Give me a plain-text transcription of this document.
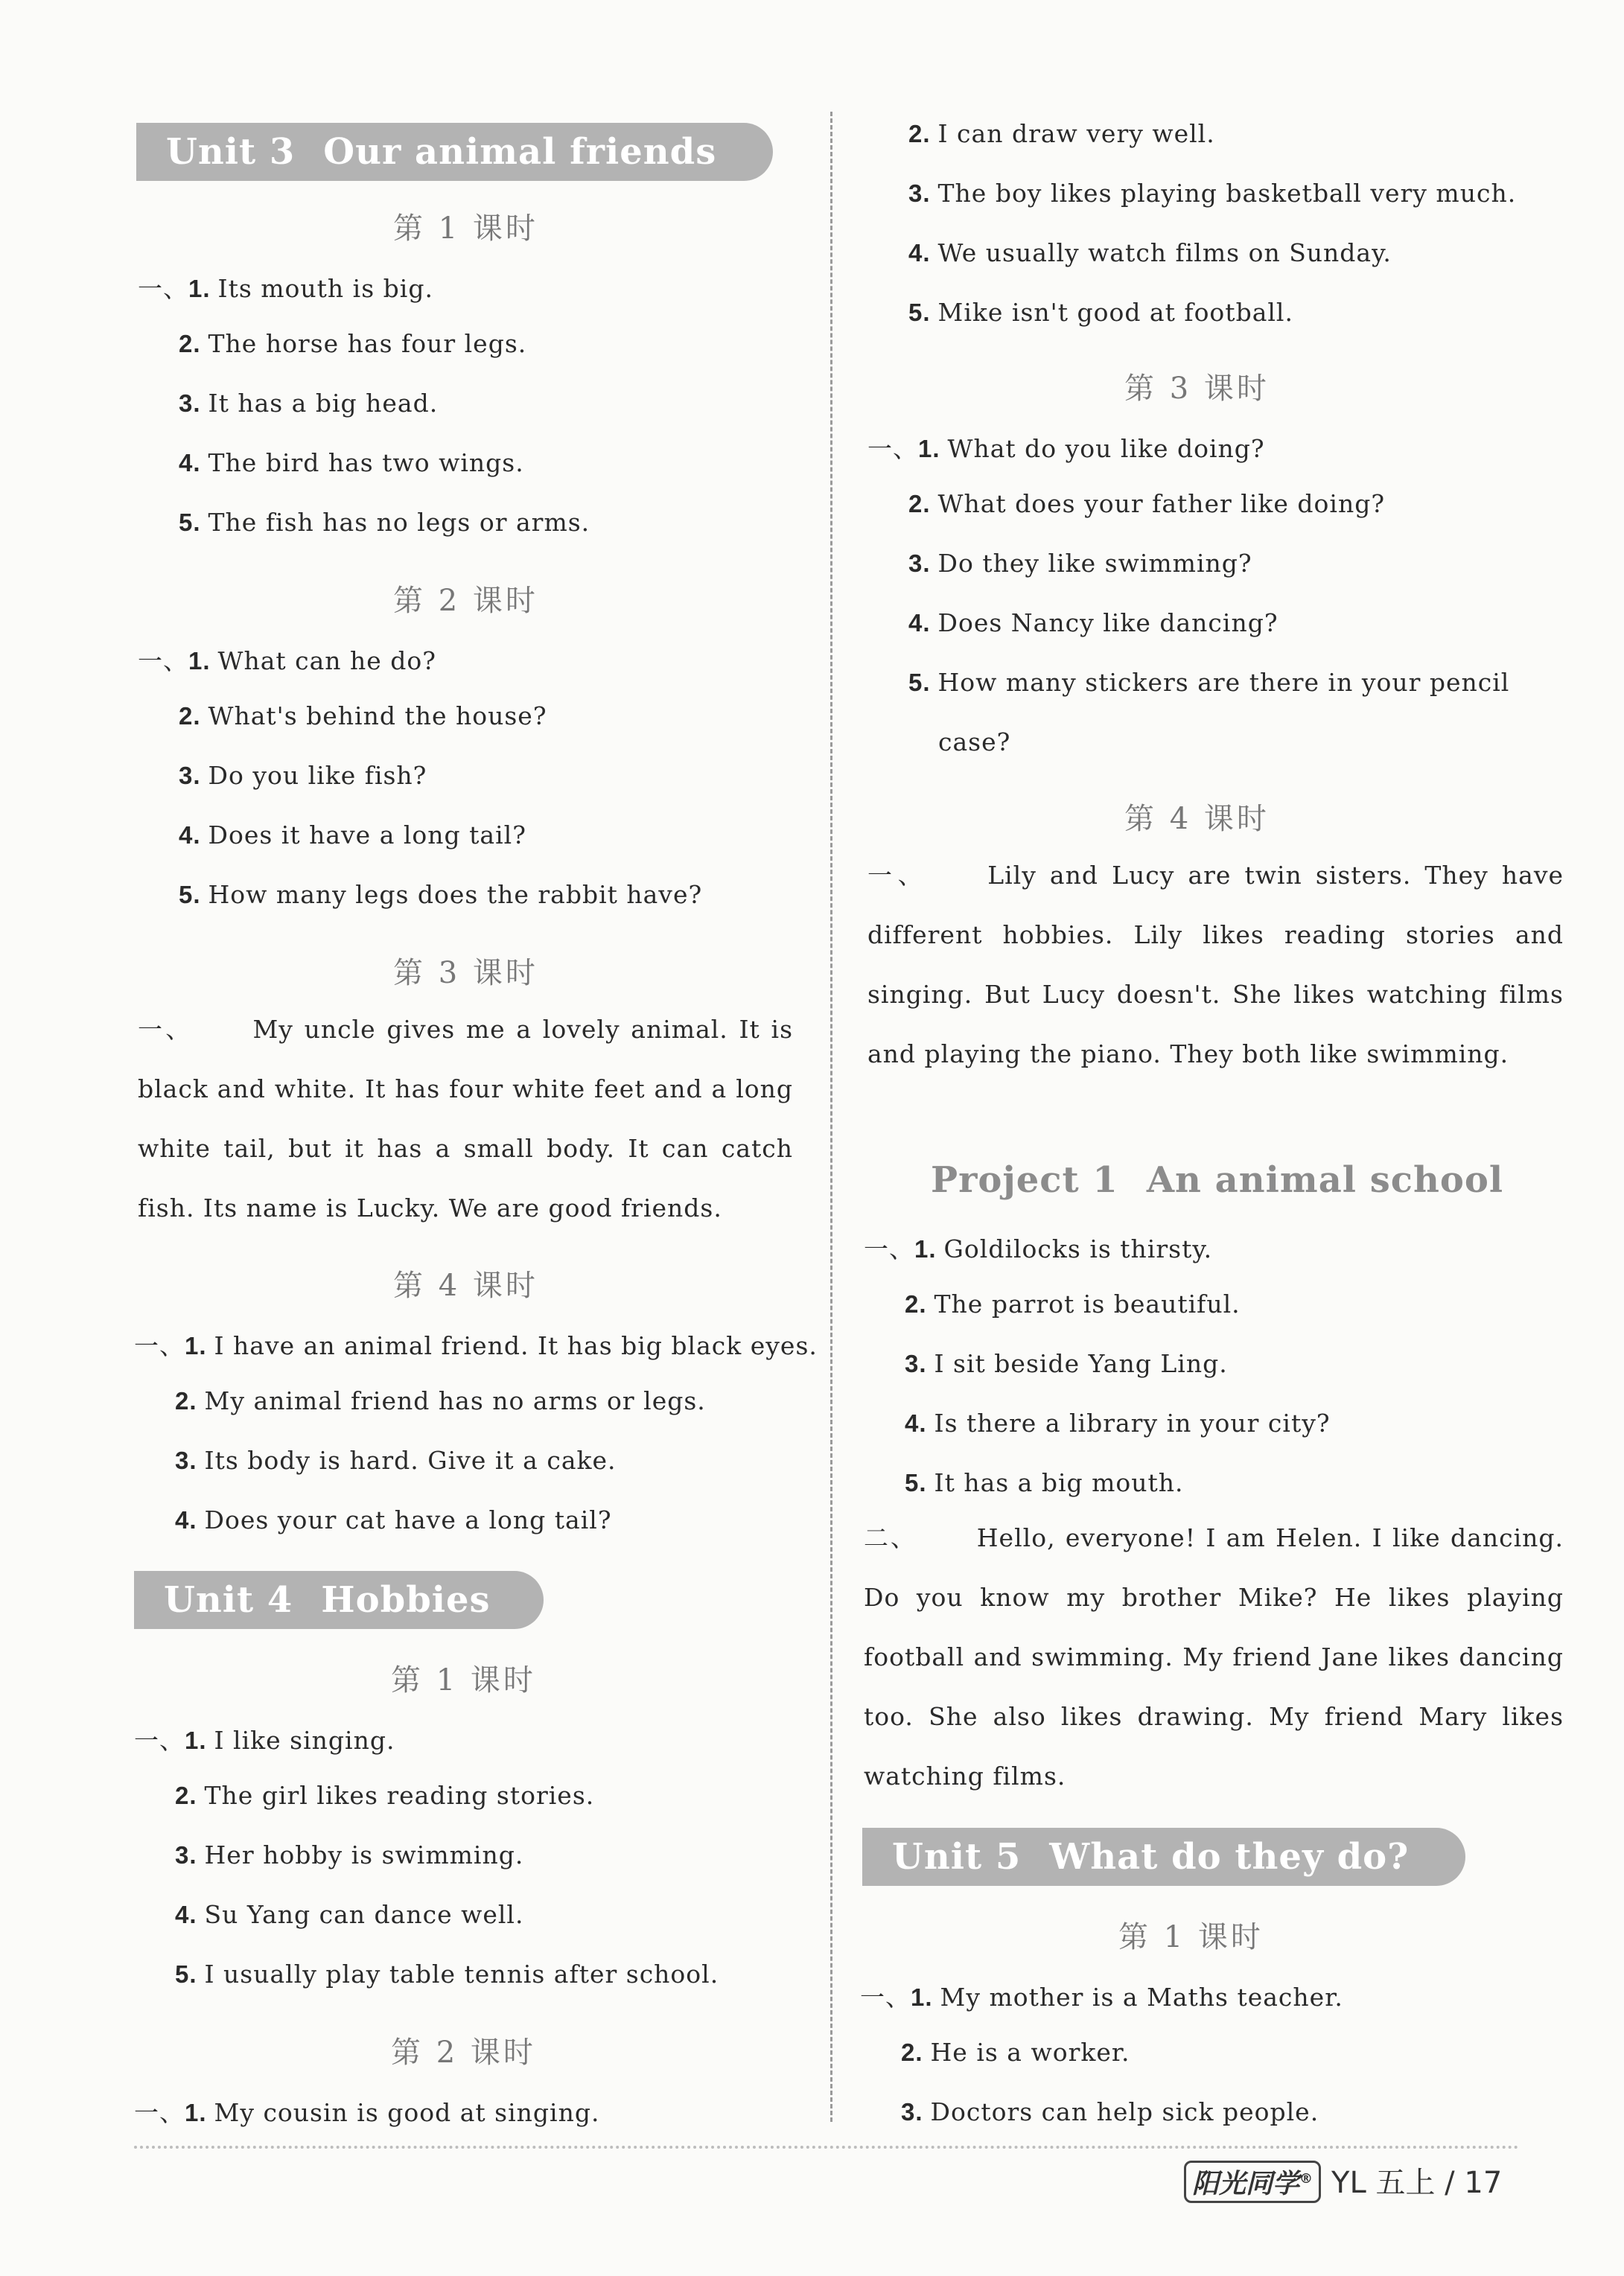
Unit 3 Our animal friends
第 1 课时
一、1. Its mouth is big.
2. The horse has four legs.
3. It has a big head.
4. The bird has two wings.
5. The fish has no legs or arms.
第 2 课时
一、1. What can he do?
2. What's behind the house?
3. Do you like fish?
4. Does it have a long tail?
5. How many legs does the rabbit have?
第 3 课时
一、 My uncle gives me a lovely animal. It is black and white. It has four white feet and a long white tail, but it has a small body. It can catch fish. Its name is Lucky. We are good friends.
第 4 课时
一、1. I have an animal friend. It has big black eyes.
2. My animal friend has no arms or legs.
3. Its body is hard. Give it a cake.
4. Does your cat have a long tail?
Unit 4 Hobbies
第 1 课时
一、1. I like singing.
2. The girl likes reading stories.
3. Her hobby is swimming.
4. Su Yang can dance well.
5. I usually play table tennis after school.
第 2 课时
一、1. My cousin is good at singing.
2. I can draw very well.
3. The boy likes playing basketball very much.
4. We usually watch films on Sunday.
5. Mike isn't good at football.
第 3 课时
一、1. What do you like doing?
2. What does your father like doing?
3. Do they like swimming?
4. Does Nancy like dancing?
5. How many stickers are there in your pencil
case?
第 4 课时
一、 Lily and Lucy are twin sisters. They have different hobbies. Lily likes reading stories and singing. But Lucy doesn't. She likes watching films and playing the piano. They both like swimming.
Project 1 An animal school
一、1. Goldilocks is thirsty.
2. The parrot is beautiful.
3. I sit beside Yang Ling.
4. Is there a library in your city?
5. It has a big mouth.
二、 Hello, everyone! I am Helen. I like dancing. Do you know my brother Mike? He likes playing football and swimming. My friend Jane likes dancing too. She also likes drawing. My friend Mary likes watching films.
Unit 5 What do they do?
第 1 课时
一、1. My mother is a Maths teacher.
2. He is a worker.
3. Doctors can help sick people.
阳光同学® YL 五上 / 17
